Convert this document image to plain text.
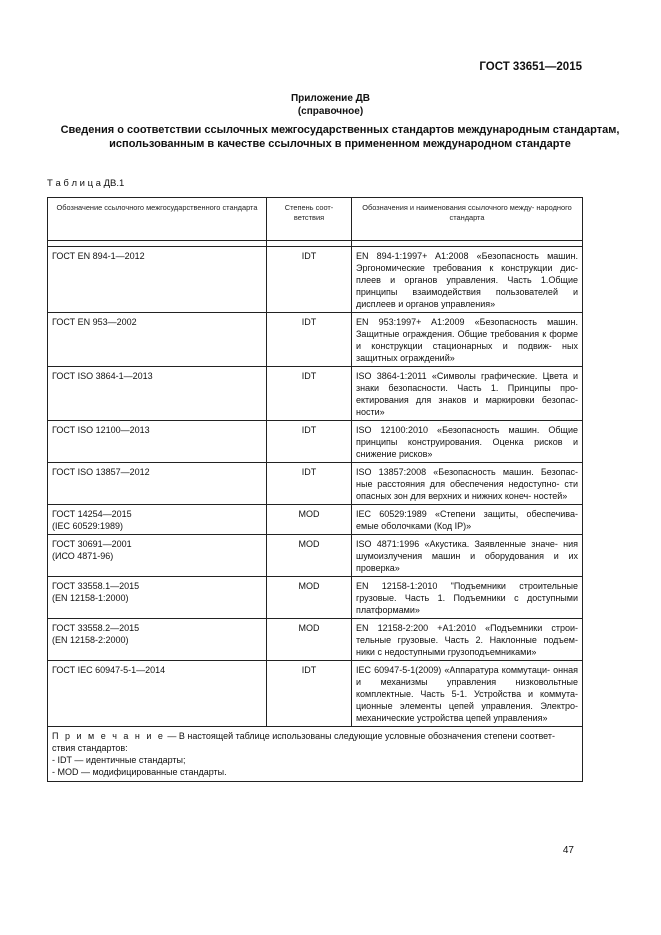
ГОСТ 33651—2015
Приложение ДВ
(справочное)
Сведения о соответствии ссылочных межгосударственных стандартов международным стандартам, использованным в качестве ссылочных в примененном международном стандарте
Т а б л и ц а ДВ.1
Обозначение ссылочного межгосударственного стандарта	Степень соот- ветствия	Обозначения и наименования ссылочного между- народного стандарта

ГОСТ EN 894-1—2012	IDT	EN 894-1:1997+ A1:2008 «Безопасность машин. Эргономические требования к конструкции дис- плеев и органов управления. Часть 1.Общие принципы взаимодействия пользователей и дисплеев и органов управления»
ГОСТ EN 953—2002	IDT	EN 953:1997+ A1:2009 «Безопасность машин. Защитные ограждения. Общие требования к форме и конструкции стационарных и подвиж- ных защитных ограждений»
ГОСТ ISO 3864-1—2013	IDT	ISO 3864-1:2011 «Символы графические. Цвета и знаки безопасности. Часть 1. Принципы про- ектирования для знаков и маркировки безопас- ности»
ГОСТ ISO 12100—2013	IDT	ISO 12100:2010 «Безопасность машин. Общие принципы конструирования. Оценка рисков и снижение рисков»
ГОСТ ISO 13857—2012	IDT	ISO 13857:2008 «Безопасность машин. Безопас- ные расстояния для обеспечения недоступно- сти опасных зон для верхних и нижних конеч- ностей»
ГОСТ 14254—2015
(IEC 60529:1989)	MOD	IEC 60529:1989 «Степени защиты, обеспечива- емые оболочками (Код IP)»
ГОСТ 30691—2001
(ИСО 4871-96)	MOD	ISO 4871:1996 «Акустика. Заявленные значе- ния шумоизлучения машин и оборудования и их проверка»
ГОСТ 33558.1—2015
(EN 12158-1:2000)	MOD	EN 12158-1:2010 "Подъемники строительные грузовые. Часть 1. Подъемники с доступными платформами»
ГОСТ 33558.2—2015
(EN 12158-2:2000)	MOD	EN 12158-2:200 +A1:2010 «Подъемники строи- тельные грузовые. Часть 2. Наклонные подъем- ники с недоступными грузоподъемниками»
ГОСТ IEC 60947-5-1—2014	IDT	IEC 60947-5-1(2009) «Аппаратура коммутаци- онная и механизмы управления низковольтные комплектные. Часть 5-1. Устройства и коммута- ционные элементы цепей управления. Электро- механические устройства цепей управления»
П р и м е ч а н и е — В настоящей таблице использованы следующие условные обозначения степени соответ- ствия стандартов:
- IDT — идентичные стандарты;
- MOD — модифицированные стандарты.		
47
